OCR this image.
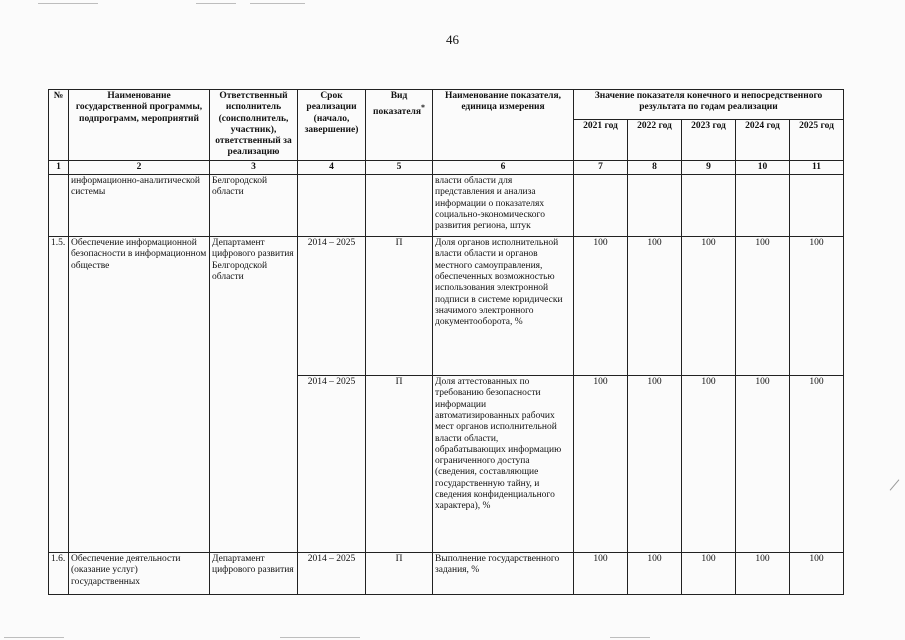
46
№	Наименование государственной программы, подпрограмм, мероприятий	Ответственный исполнитель (соисполнитель, участник), ответственный за реализацию	Срок реализации (начало, завершение)	Вид показателя*	Наименование показателя, единица измерения	Значение показателя конечного и непосредственного результата по годам реализации				
						2021 год	2022 год	2023 год	2024 год	2025 год
1	2	3	4	5	6	7	8	9	10	11
	информационно-аналитической системы	Белгородской области			власти области для представления и анализа информации о показателях социально-экономического развития региона, штук					
1.5.	Обеспечение информационной безопасности в информационном обществе	Департамент цифрового развития Белгородской области	2014 – 2025	П	Доля органов исполнительной власти области и органов местного самоуправления, обеспеченных возможностью использования электронной подписи в системе юридически значимого электронного документооборота, %	100	100	100	100	100
			2014 – 2025	П	Доля аттестованных по требованию безопасности информации автоматизированных рабочих мест органов исполнительной власти области, обрабатывающих информацию ограниченного доступа (сведения, составляющие государственную тайну, и сведения конфиденциального характера), %	100	100	100	100	100
1.6.	Обеспечение деятельности (оказание услуг) государственных	Департамент цифрового развития	2014 – 2025	П	Выполнение государственного задания, %	100	100	100	100	100
